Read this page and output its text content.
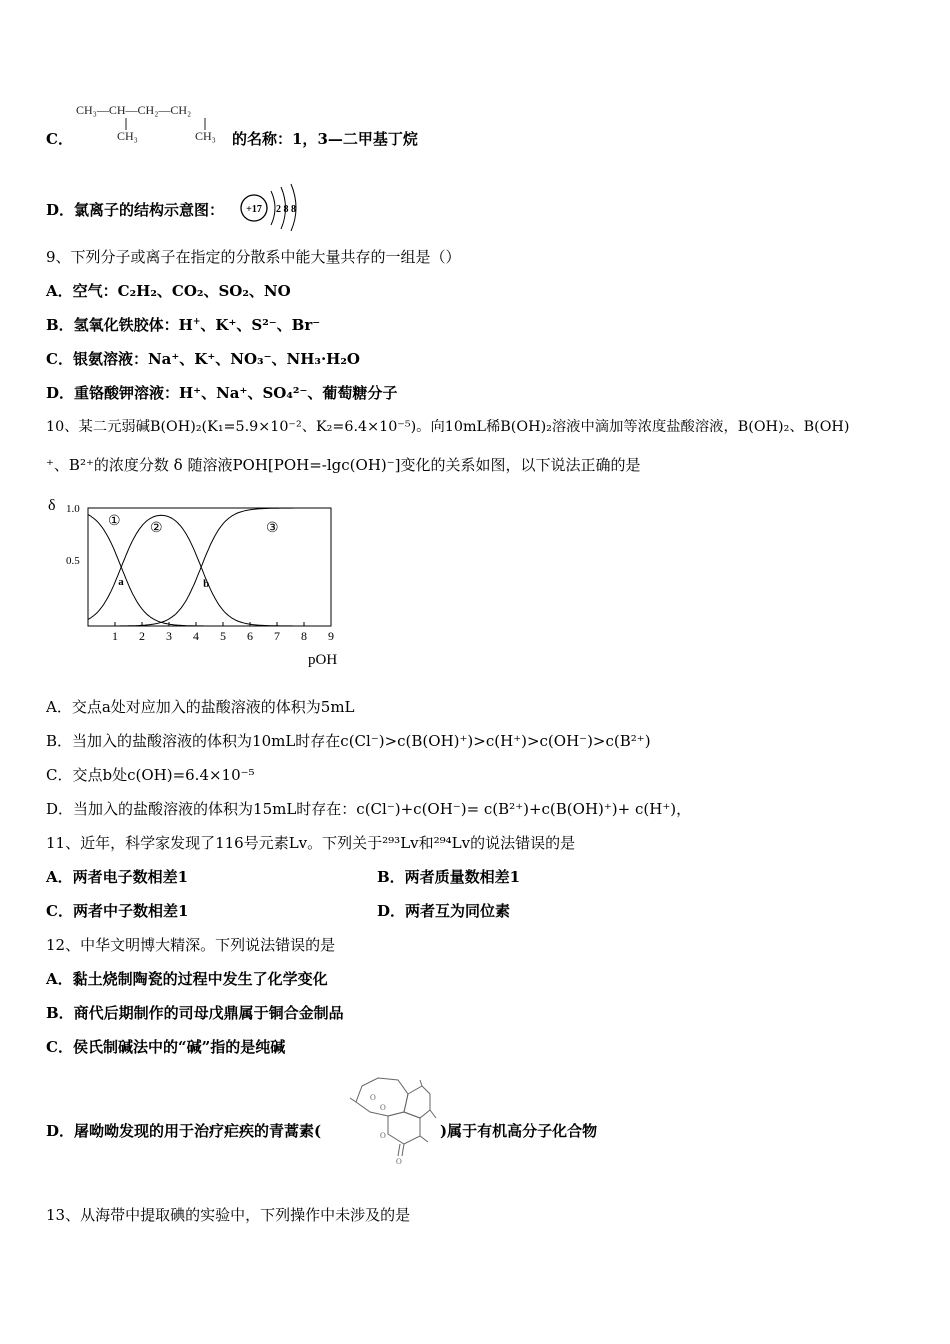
C．
CH₃—CH—CH₂—CH₂
CH₃	CH₃ 的名称：1，3—二甲基丁烷
D．氯离子的结构示意图： +17 2 8 8
9、下列分子或离子在指定的分散系中能大量共存的一组是（）
A．空气：C₂H₂、CO₂、SO₂、NO
B．氢氧化铁胶体：H+、K⁺、S²⁻、Br⁻
C．银氨溶液：Na⁺、K⁺、NO₃⁻、NH₃·H₂O
D．重铬酸钾溶液：H⁺、Na⁺、SO₄²⁻、葡萄糖分子
10、某二元弱碱B(OH)₂(K₁=5.9×10⁻²、K₂=6.4×10⁻⁵)。向10mL稀B(OH)₂溶液中滴加等浓度盐酸溶液，B(OH)₂、B(OH)
⁺、B²⁺的浓度分数 δ 随溶液POH[POH=-lgc(OH)⁻]变化的关系如图，以下说法正确的是
δ 1.0
0.5
1 2 3 4 5 6 7 8 9
① ②	③
a	b
pOH
A．交点a处对应加入的盐酸溶液的体积为5mL
B．当加入的盐酸溶液的体积为10mL时存在c(Cl⁻)>c(B(OH)⁺)>c(H⁺)>c(OH⁻)>c(B²⁺)
C．交点b处c(OH)=6.4×10⁻⁵
D．当加入的盐酸溶液的体积为15mL时存在：c(Cl⁻)+c(OH⁻)= c(B²⁺)+c(B(OH)⁺)+ c(H⁺)，
11、近年，科学家发现了116号元素Lv。下列关于²⁹³Lv和²⁹⁴Lv的说法错误的是
A．两者电子数相差1	B．两者质量数相差1
C．两者中子数相差1	D．两者互为同位素
12、中华文明博大精深。下列说法错误的是
A．黏土烧制陶瓷的过程中发生了化学变化
B．商代后期制作的司母戊鼎属于铜合金制品
C．侯氏制碱法中的“碱”指的是纯碱
D．屠呦呦发现的用于治疗疟疾的青蒿素(
O
O
O
O
)属于有机高分子化合物
13、从海带中提取碘的实验中，下列操作中未涉及的是
